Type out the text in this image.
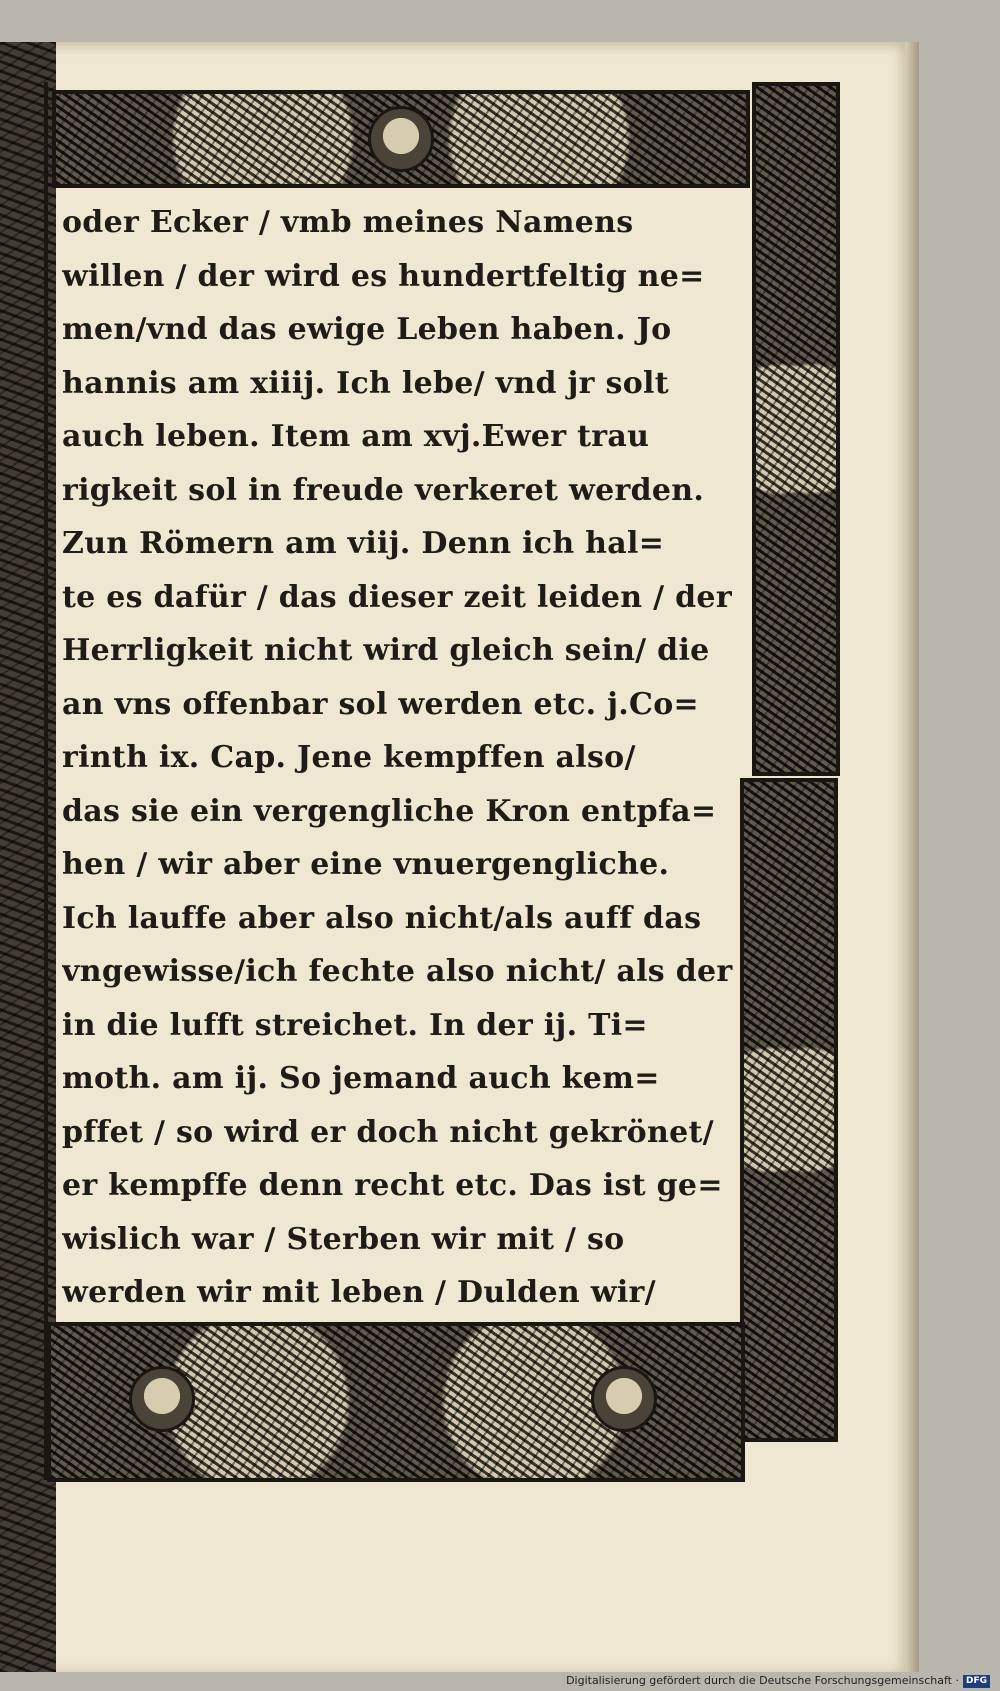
oder Ecker / vmb meines Namens
willen / der wird es hundertfeltig ne=
men/vnd das ewige Leben haben. Jo
hannis am xiiij. Ich lebe/ vnd jr solt
auch leben. Item am xvj.Ewer trau
rigkeit sol in freude verkeret werden.
Zun Römern am viij. Denn ich hal=
te es dafür / das dieser zeit leiden / der
Herrligkeit nicht wird gleich sein/ die
an vns offenbar sol werden etc. j.Co=
rinth ix. Cap. Jene kempffen also/
das sie ein vergengliche Kron entpfa=
hen / wir aber eine vnuergengliche.
Ich lauffe aber also nicht/als auff das
vngewisse/ich fechte also nicht/ als der
in die lufft streichet. In der ij. Ti=
moth. am ij. So jemand auch kem=
pffet / so wird er doch nicht gekrönet/
er kempffe denn recht etc. Das ist ge=
wislich war / Sterben wir mit / so
werden wir mit leben / Dulden wir/
Digitalisierung gefördert durch die Deutsche Forschungsgemeinschaft · DFG
